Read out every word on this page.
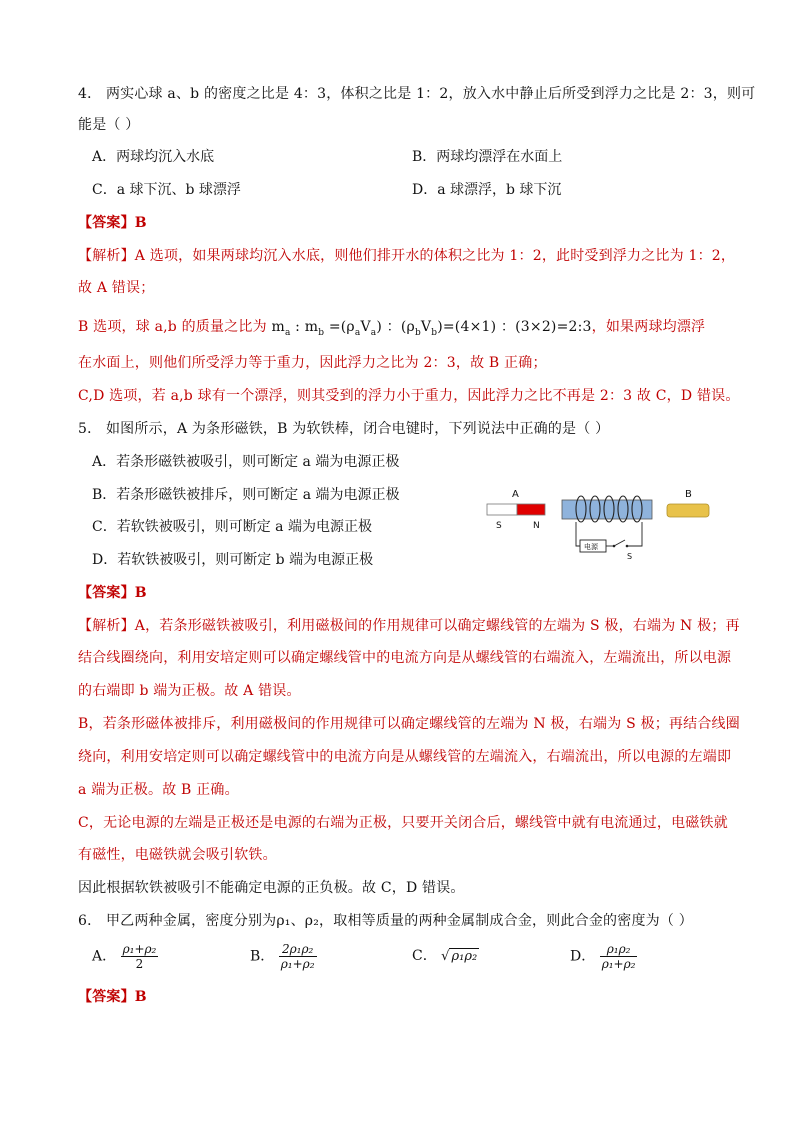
4． 两实心球 a、b 的密度之比是 4：3，体积之比是 1：2，放入水中静止后所受到浮力之比是 2：3，则可
能是（ ）
A．两球均沉入水底	B．两球均漂浮在水面上
C．a 球下沉、b 球漂浮	D．a 球漂浮，b 球下沉
【答案】B
【解析】A 选项，如果两球均沉入水底，则他们排开水的体积之比为 1：2，此时受到浮力之比为 1：2，
故 A 错误；
B 选项，球 a,b 的质量之比为 $m_a$ : $m_b =(\rho_aV_a)$ ：$(\rho_bV_b)=(4\times 1)$ ：(3×2)=2:3，如果两球均漂浮
在水面上，则他们所受浮力等于重力，因此浮力之比为 2：3，故 B 正确；
C,D 选项，若 a,b 球有一个漂浮，则其受到的浮力小于重力，因此浮力之比不再是 2：3 故 C，D 错误。
5． 如图所示，A 为条形磁铁，B 为软铁棒，闭合电键时，下列说法中正确的是（ ）
A．若条形磁铁被吸引，则可断定 a 端为电源正极
B．若条形磁铁被排斥，则可断定 a 端为电源正极
C．若软铁被吸引，则可断定 a 端为电源正极
D．若软铁被吸引，则可断定 b 端为电源正极
A
S	N
电源
S
B
【答案】B
【解析】A，若条形磁铁被吸引，利用磁极间的作用规律可以确定螺线管的左端为 S 极，右端为 N 极；再
结合线圈绕向，利用安培定则可以确定螺线管中的电流方向是从螺线管的右端流入，左端流出，所以电源
的右端即 b 端为正极。故 A 错误。
B，若条形磁体被排斥，利用磁极间的作用规律可以确定螺线管的左端为 N 极，右端为 S 极；再结合线圈
绕向，利用安培定则可以确定螺线管中的电流方向是从螺线管的左端流入，右端流出，所以电源的左端即
a 端为正极。故 B 正确。
C，无论电源的左端是正极还是电源的右端为正极，只要开关闭合后，螺线管中就有电流通过，电磁铁就
有磁性，电磁铁就会吸引软铁。
因此根据软铁被吸引不能确定电源的正负极。故 C，D 错误。
6． 甲乙两种金属，密度分别为ρ₁、ρ₂，取相等质量的两种金属制成合金，则此合金的密度为（ ）
A． $\frac{\text{ρ₁+ρ₂}}{2}$	B． $\frac{\text{2ρ₁ρ₂}}{\text{ρ₁+ρ₂}}$	C． √ ρ₁ρ₂	D． $\frac{\text{ρ₁ρ₂}}{\text{ρ₁+ρ₂}}$
【答案】B
